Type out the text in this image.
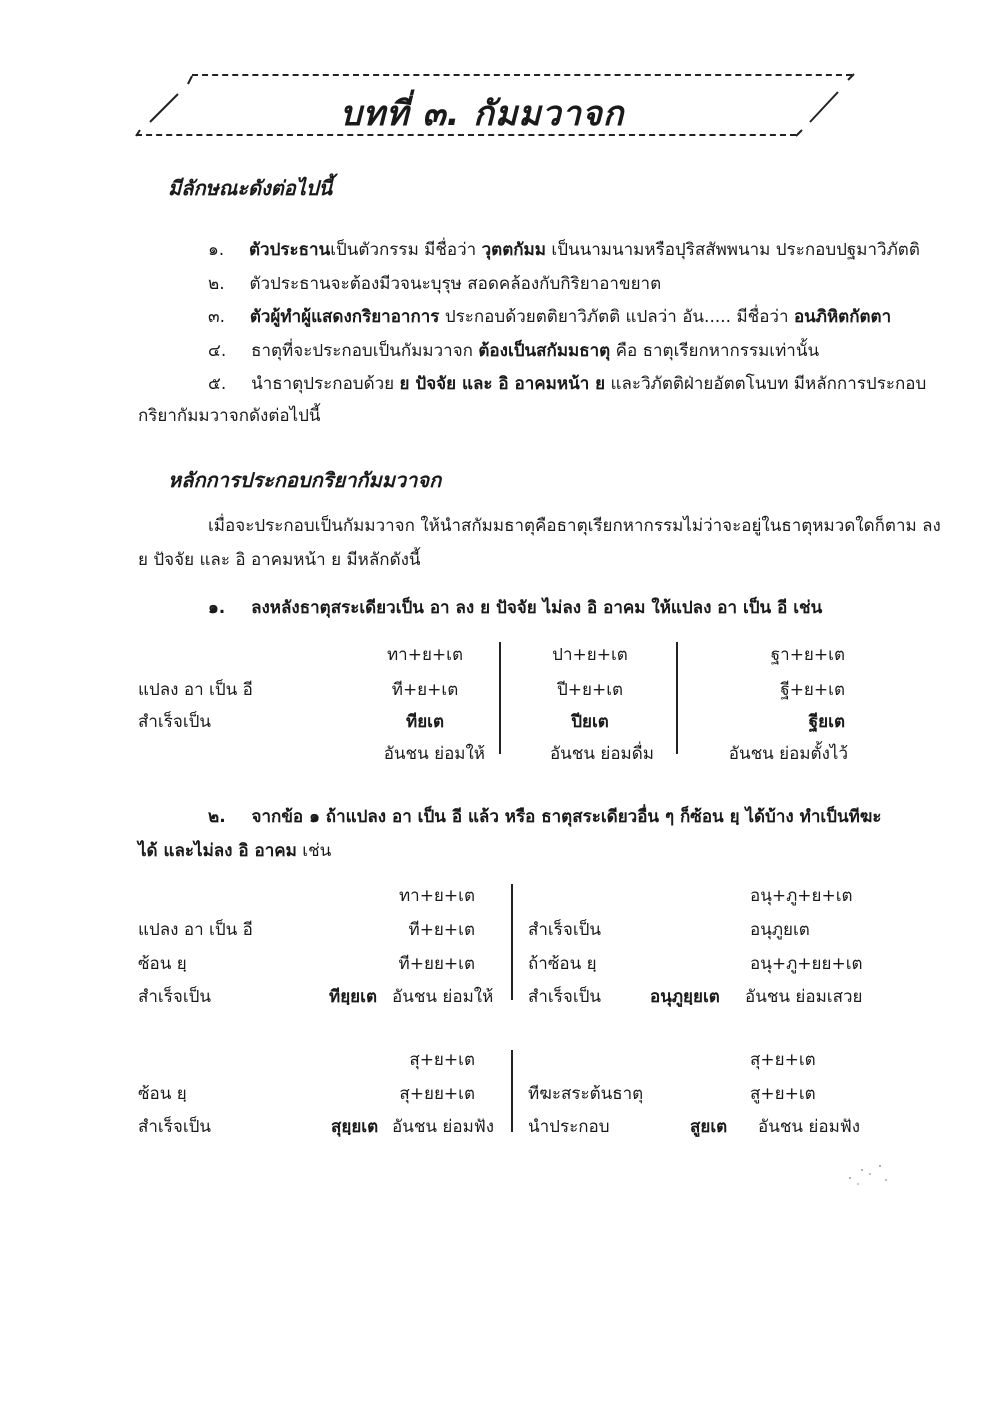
บทที่ ๓. กัมมวาจก
มีลักษณะดังต่อไปนี้
๑. ตัวประธานเป็นตัวกรรม มีชื่อว่า วุตตกัมม เป็นนามนามหรือปุริสสัพพนาม ประกอบปฐมาวิภัตติ
๒. ตัวประธานจะต้องมีวจนะบุรุษ สอดคล้องกับกิริยาอาขยาต
๓. ตัวผู้ทำผู้แสดงกริยาอาการ ประกอบด้วยตติยาวิภัตติ แปลว่า อัน..... มีชื่อว่า อนภิหิตกัตตา
๔. ธาตุที่จะประกอบเป็นกัมมวาจก ต้องเป็นสกัมมธาตุ คือ ธาตุเรียกหากรรมเท่านั้น
๕. นำธาตุประกอบด้วย ย ปัจจัย และ อิ อาคมหน้า ย และวิภัตติฝ่ายอัตตโนบท มีหลักการประกอบ
กริยากัมมวาจกดังต่อไปนี้
หลักการประกอบกริยากัมมวาจก
เมื่อจะประกอบเป็นกัมมวาจก ให้นำสกัมมธาตุคือธาตุเรียกหากรรมไม่ว่าจะอยู่ในธาตุหมวดใดก็ตาม ลง
ย ปัจจัย และ อิ อาคมหน้า ย มีหลักดังนี้
๑. ลงหลังธาตุสระเดียวเป็น อา ลง ย ปัจจัย ไม่ลง อิ อาคม ให้แปลง อา เป็น อี เช่น
แปลง อา เป็น อี
สำเร็จเป็น
ทา+ย+เต
ที+ย+เต
ทียเต
อันชน ย่อมให้
ปา+ย+เต
ปี+ย+เต
ปียเต
อันชน ย่อมดื่ม
ฐา+ย+เต
ฐี+ย+เต
ฐียเต
อันชน ย่อมตั้งไว้
๒. จากข้อ ๑ ถ้าแปลง อา เป็น อี แล้ว หรือ ธาตุสระเดียวอื่น ๆ ก็ซ้อน ยฺ ได้บ้าง ทำเป็นทีฆะ
ได้ และไม่ลง อิ อาคม เช่น
แปลง อา เป็น อี
ซ้อน ยฺ
สำเร็จเป็น
ทา+ย+เต
ที+ย+เต
ที+ยย+เต
ทียฺยเต อันชน ย่อมให้
สำเร็จเป็น
ถ้าซ้อน ยฺ
สำเร็จเป็น
อนุ+ภู+ย+เต
อนุภูยเต
อนุ+ภู+ยย+เต
อนุภูยฺยเต อันชน ย่อมเสวย
ซ้อน ยฺ
สำเร็จเป็น
สุ+ย+เต
สุ+ยย+เต
สุยฺยเต อันชน ย่อมฟัง
ทีฆะสระต้นธาตุ
นำประกอบ
สุ+ย+เต
สู+ย+เต
สูยเต อันชน ย่อมฟัง
